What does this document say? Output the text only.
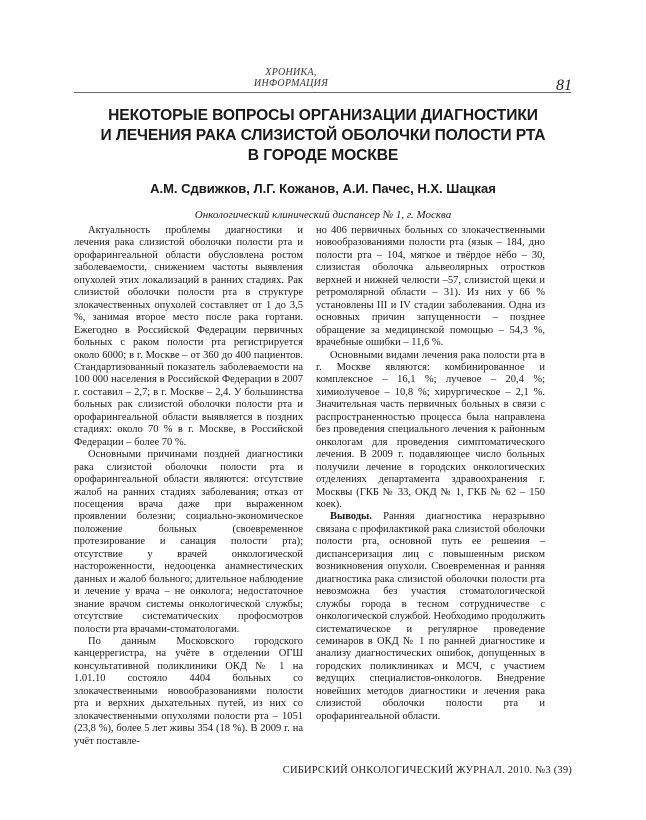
ХРОНИКА, ИНФОРМАЦИЯ	81
НЕКОТОРЫЕ ВОПРОСЫ ОРГАНИЗАЦИИ ДИАГНОСТИКИ
И ЛЕЧЕНИЯ РАКА СЛИЗИСТОЙ ОБОЛОЧКИ ПОЛОСТИ РТА
В ГОРОДЕ МОСКВЕ
А.М. Сдвижков, Л.Г. Кожанов, А.И. Пачес, Н.Х. Шацкая
Онкологический клинический диспансер № 1, г. Москва

Актуальность проблемы диагностики и лечения рака слизистой оболочки полости рта и орофарингеальной области обусловлена ростом заболеваемости, снижением частоты выявления опухолей этих локализаций в ранних стадиях. Рак слизистой оболочки полости рта в структуре злокачественных опухолей составляет от 1 до 3,5 %, занимая второе место после рака гортани. Ежегодно в Российской Федерации первичных больных с раком полости рта регистрируется около 6000; в г. Москве – от 360 до 400 пациентов. Стандартизованный показатель заболеваемости на 100 000 населения в Российской Федерации в 2007 г. составил – 2,7; в г. Москве – 2,4. У большинства больных рак слизистой оболочки полости рта и орофарингеальной области выявляется в поздних стадиях: около 70 % в г. Москве, в Российской Федерации – более 70 %.

Основными причинами поздней диагностики рака слизистой оболочки полости рта и орофарингеальной области являются: отсутствие жалоб на ранних стадиях заболевания; отказ от посещения врача даже при выраженном проявлении болезни; социально-экономическое положение больных (своевременное протезирование и санация полости рта); отсутствие у врачей онкологической настороженности, недооценка анамнестических данных и жалоб больного; длительное наблюдение и лечение у врача – не онколога; недостаточное знание врачом системы онкологической службы; отсутствие систематических профосмотров полости рта врачами-стоматологами.

По данным Московского городского канцеррегистра, на учёте в отделении ОГШ консультативной поликлиники ОКД № 1 на 1.01.10 состояло 4404 больных со злокачественными новообразованиями полости рта и верхних дыхательных путей, из них со злокачественными опухолями полости рта – 1051 (23,8 %), более 5 лет живы 354 (18 %). В 2009 г. на учёт поставле-

но 406 первичных больных со злокачественными новообразованиями полости рта (язык – 184, дно полости рта – 104, мягкое и твёрдое нёбо – 30, слизистая оболочка альвеолярных отростков верхней и нижней челюсти –57, слизистой щеки и ретромолярной области – 31). Из них у 66 % установлены III и IV стадии заболевания. Одна из основных причин запущенности – позднее обращение за медицинской помощью – 54,3 %, врачебные ошибки – 11,6 %.

Основными видами лечения рака полости рта в г. Москве являются: комбинированное и комплексное – 16,1 %; лучевое – 20,4 %; химиолучевое – 10,8 %; хирургическое – 2,1 %. Значительная часть первичных больных в связи с распространенностью процесса была направлена без проведения специального лечения к районным онкологам для проведения симптоматического лечения. В 2009 г. подавляющее число больных получили лечение в городских онкологических отделениях департамента здравоохранения г. Москвы (ГКБ № 33, ОКД № 1, ГКБ № 62 – 150 коек).

Выводы. Ранняя диагностика неразрывно связана с профилактикой рака слизистой оболочки полости рта, основной путь ее решения – диспансеризация лиц с повышенным риском возникновения опухоли. Своевременная и ранняя диагностика рака слизистой оболочки полости рта невозможна без участия стоматологической службы города в тесном сотрудничестве с онкологической службой. Необходимо продолжить систематическое и регулярное проведение семинаров в ОКД № 1 по ранней диагностике и анализу диагностических ошибок, допущенных в городских поликлиниках и МСЧ, с участием ведущих специалистов-онкологов. Внедрение новейших методов диагностики и лечения рака слизистой оболочки полости рта и орофарингеальной области.

СИБИРСКИЙ ОНКОЛОГИЧЕСКИЙ ЖУРНАЛ. 2010. №3 (39)
